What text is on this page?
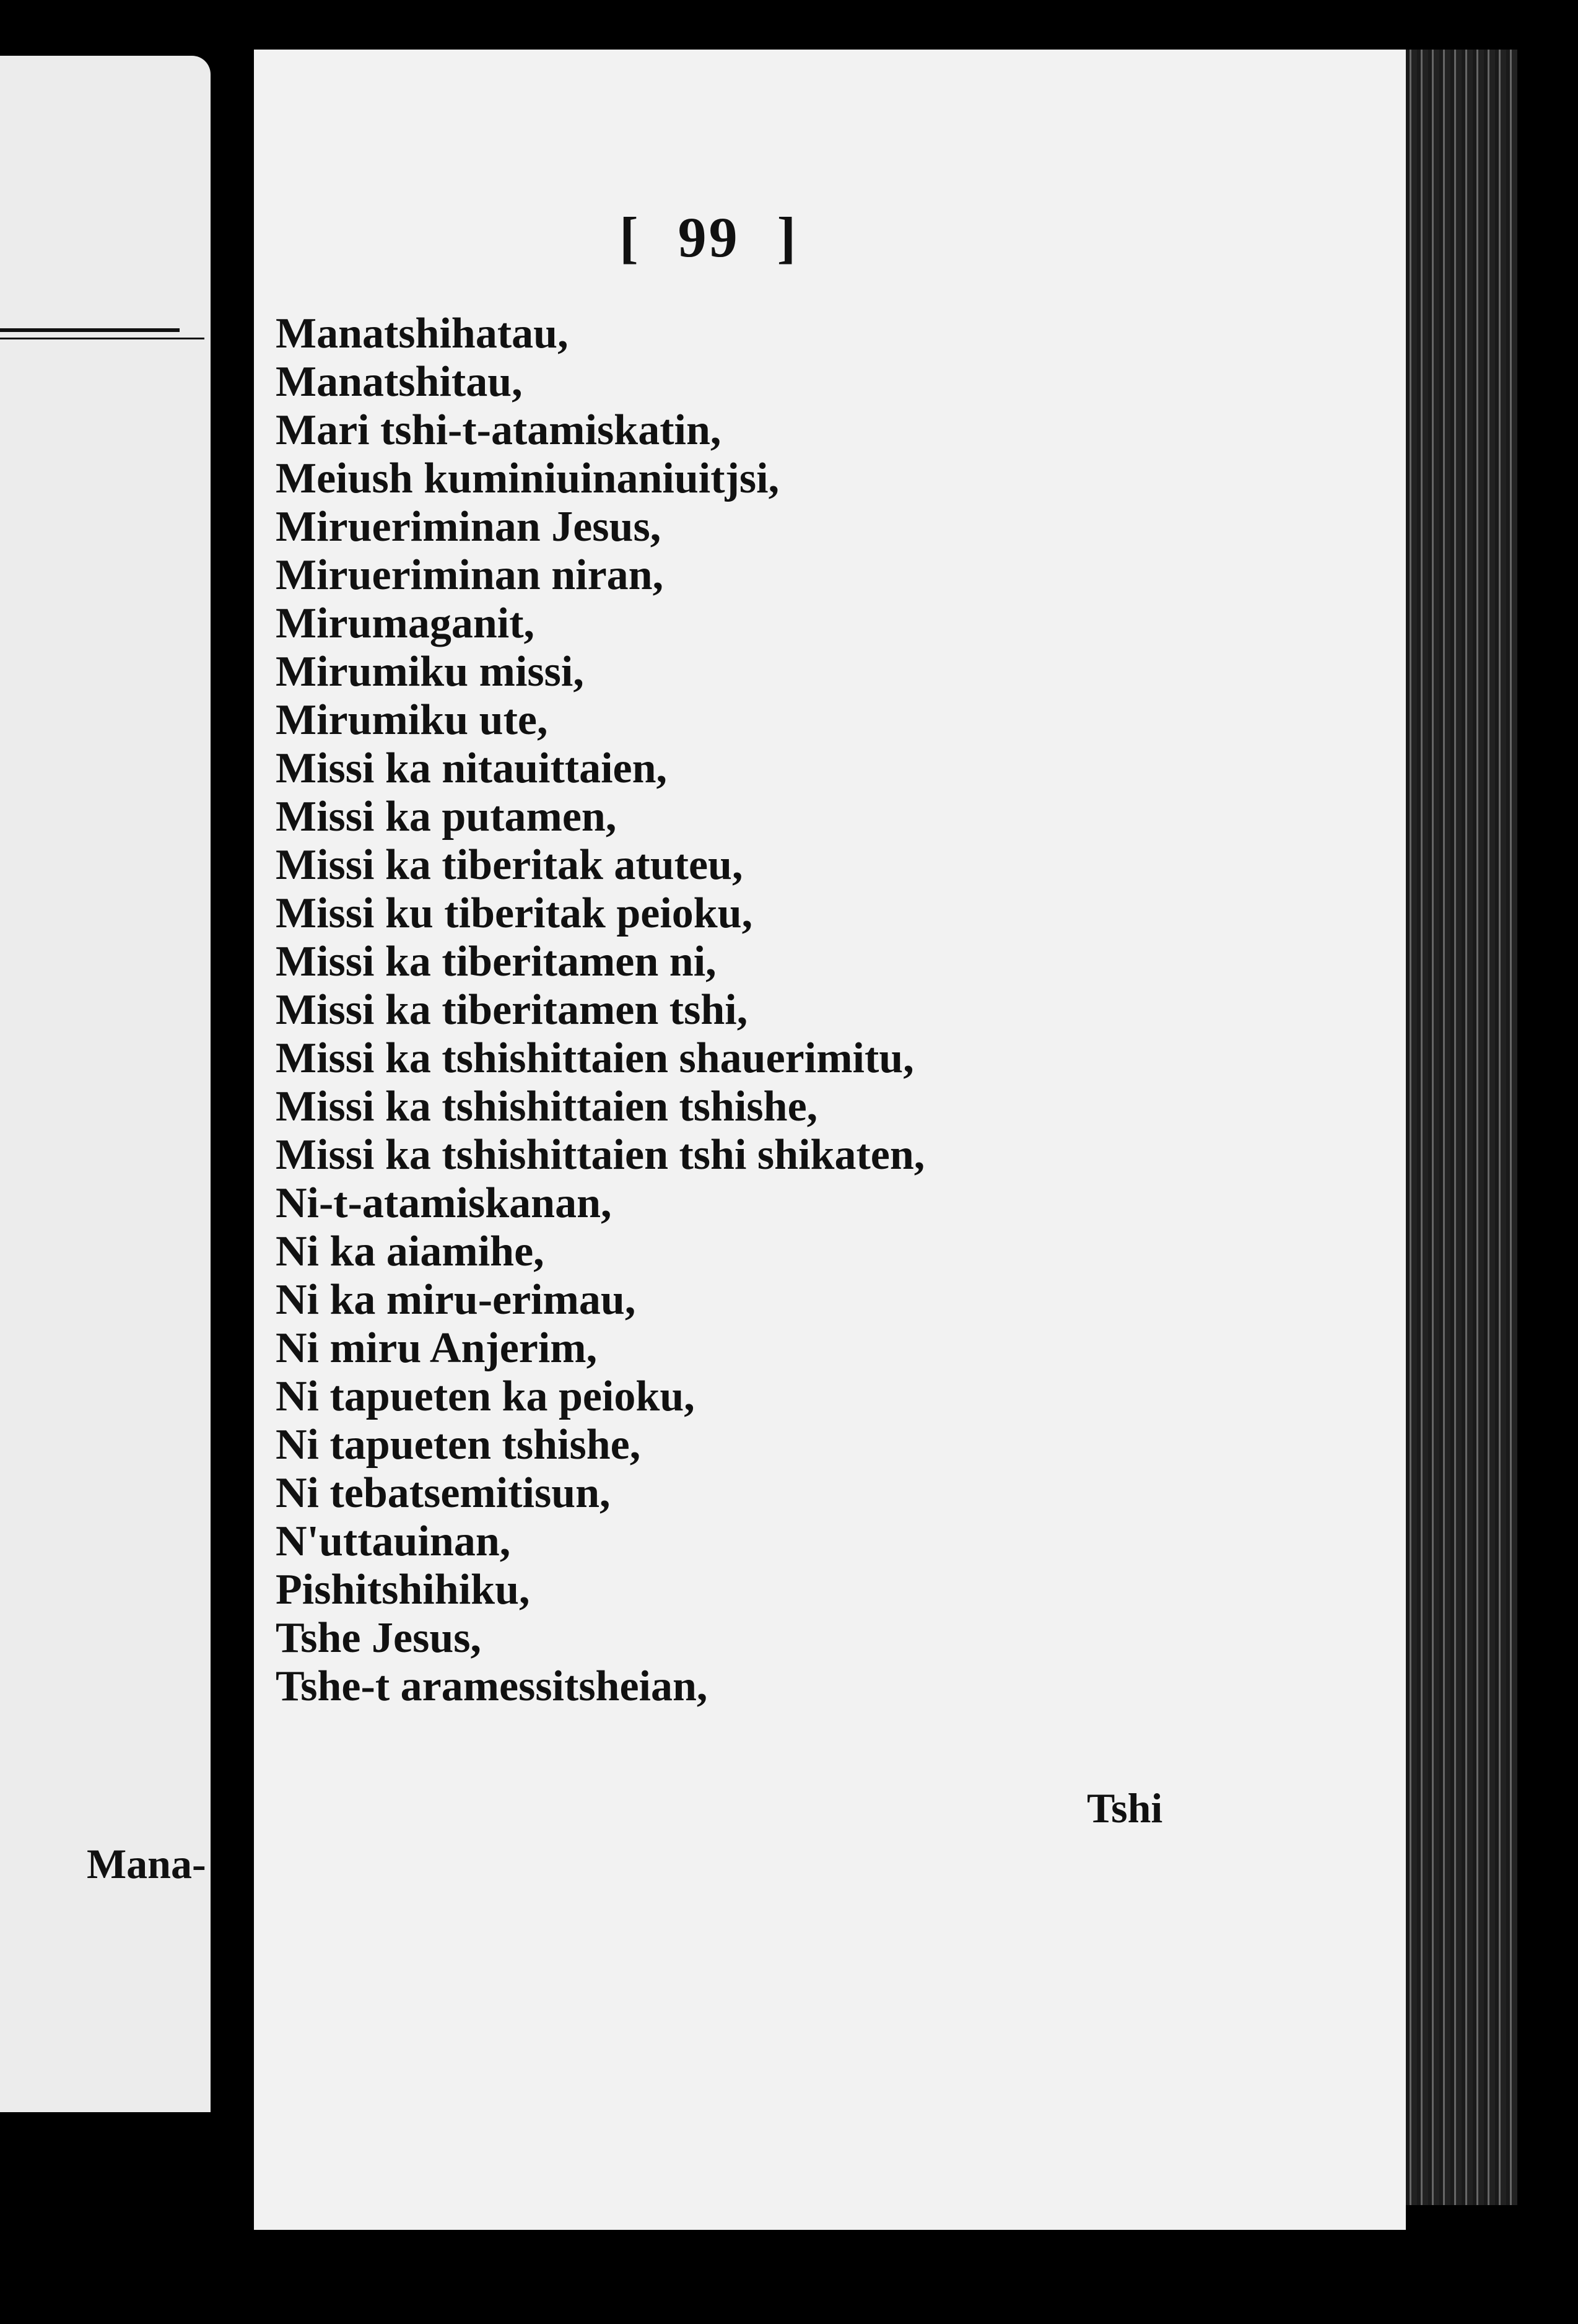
Mana-
[ 99 ]
Manatshihatau,
Manatshitau,
Mari tshi-t-atamiskatin,
Meiush kuminiuinaniuitjsi,
Mirueriminan Jesus,
Mirueriminan niran,
Mirumaganit,
Mirumiku missi,
Mirumiku ute,
Missi ka nitauittaien,
Missi ka putamen,
Missi ka tiberitak atuteu,
Missi ku tiberitak peioku,
Missi ka tiberitamen ni,
Missi ka tiberitamen tshi,
Missi ka tshishittaien shauerimitu,
Missi ka tshishittaien tshishe,
Missi ka tshishittaien tshi shikaten,
Ni-t-atamiskanan,
Ni ka aiamihe,
Ni ka miru-erimau,
Ni miru Anjerim,
Ni tapueten ka peioku,
Ni tapueten tshishe,
Ni tebatsemitisun,
N'uttauinan,
Pishitshihiku,
Tshe Jesus,
Tshe-t aramessitsheian,
Tshi
